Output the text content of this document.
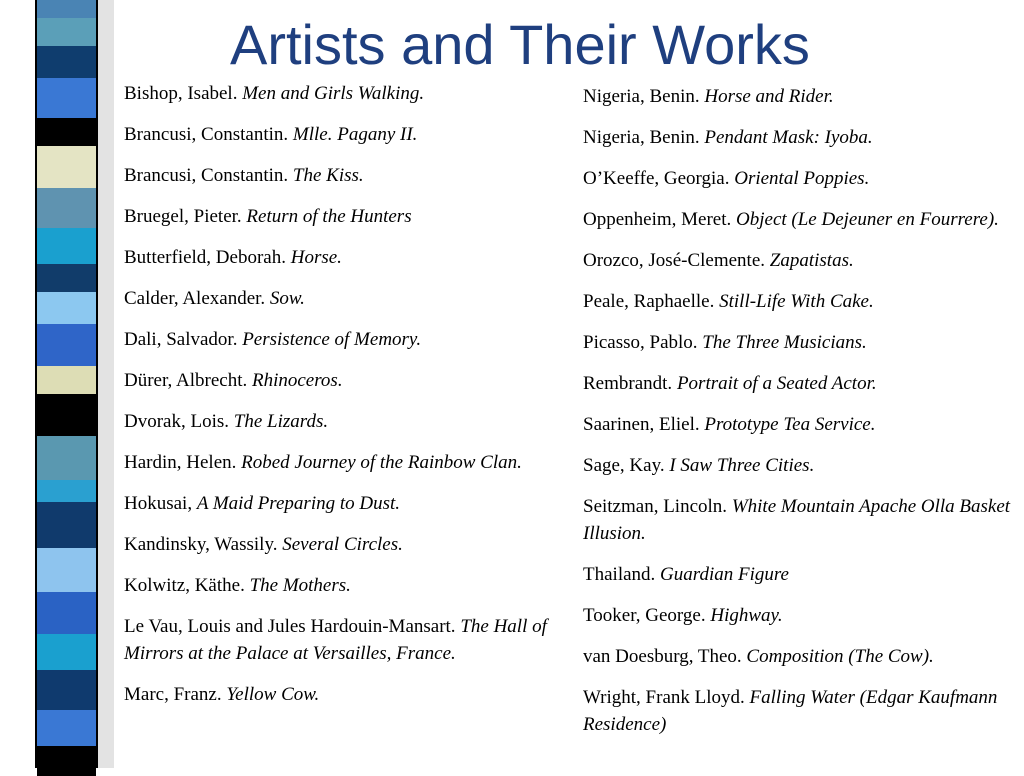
Artists and Their Works
Bishop, Isabel. Men and Girls Walking.
Brancusi, Constantin. Mlle. Pagany II.
Brancusi, Constantin. The Kiss.
Bruegel, Pieter. Return of the Hunters
Butterfield, Deborah. Horse.
Calder, Alexander. Sow.
Dali, Salvador. Persistence of Memory.
Dürer, Albrecht. Rhinoceros.
Dvorak, Lois. The Lizards.
Hardin, Helen. Robed Journey of the Rainbow Clan.
Hokusai, A Maid Preparing to Dust.
Kandinsky, Wassily. Several Circles.
Kolwitz, Käthe. The Mothers.
Le Vau, Louis and Jules Hardouin-Mansart. The Hall of Mirrors at the Palace at Versailles, France.
Marc, Franz. Yellow Cow.
Nigeria, Benin. Horse and Rider.
Nigeria, Benin. Pendant Mask: Iyoba.
O’Keeffe, Georgia. Oriental Poppies.
Oppenheim, Meret. Object (Le Dejeuner en Fourrere).
Orozco, José-Clemente. Zapatistas.
Peale, Raphaelle. Still-Life With Cake.
Picasso, Pablo. The Three Musicians.
Rembrandt. Portrait of a Seated Actor.
Saarinen, Eliel. Prototype Tea Service.
Sage, Kay. I Saw Three Cities.
Seitzman, Lincoln. White Mountain Apache Olla Basket Illusion.
Thailand. Guardian Figure
Tooker, George. Highway.
van Doesburg, Theo. Composition (The Cow).
Wright, Frank Lloyd. Falling Water (Edgar Kaufmann Residence)
